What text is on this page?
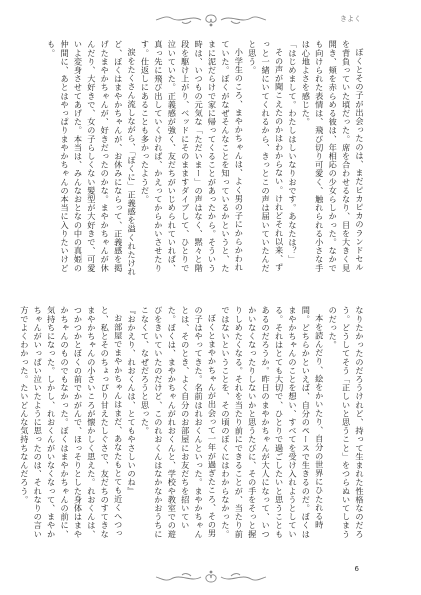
きよく

ぼくとその子が出会ったのは、まだピカピカのランドセルを背負っていた頃だった。席を合わせるなり、目を大きく見開き、頬を赤らめる彼は、年相応の少女らしかった。なかでも向けられた表情は、飛び切り可愛く、触れられる小さな手は心地よさを感じた。

「はじめまして。わたしはしいなりおです。あなたは？」

その声が聞こえたのかはわからない。けれどそれ以来、ずっと一緒にいてくれるから、きっとこの声は届いていたんだと思う。

小学生のころ、まやかちゃんは、よく男の子にからかわれていた。ぼくがなぜそんなことを知っているかというと、たまに泥だらけで家に帰ってくることがあったから。そういう時は、いつもの元気な「ただいまー」の声はなく、黙々と階段を駆け上がり、ベッドにそのまますダイブして、ひとりで泣いていた。正義感が強く、友だちがいじめられていれば、真っ先に飛び出していくければ、かえってからかいさせたりす。仕返しにあることも多かったようだ。

涙をたくさん流しながら、「ぼくに」正義感を溢くれたけれど、ぼくはまやかちゃんが、お休みにならって、正義感を掲げたまやかちゃんが、好きだったのかな。まやかちゃんが休んだり、大好きで、女の子らしくない髪型が大好きで、可愛いよ変身させてあげた。本当は、みんなおとなの中の真姫の仲間に、あとはやっぱりまやかちゃんの本当に入りたいけども。

なりたかったのだろうけれど、持って生まれた性格なのだろう。どうしてそう「正しいと思うこと」をつらぬいてしまうのだった。

本を読んだり、絵をかいたり、自分の世界にひたれる時間。どちらかといえば、自分のペースで生きるのだ。ぼくはまやかちゃんのことを想い、すべてを受け入れようとしている。それはとても大切で、ひとりで過ごしたいと思うこともあるのだろうか。昨日のまやかちゃんが大人になって、いつかいなくなったりしないかと思うたびに、その手をそっと握りしめたくなる。それを当たり前にできることが、当たり前ではないということを、その頃のぼくにはわからなかった。

ぼくとまやかちゃんが出会って一年が過ぎたころ、その男の子はやってきた。名前はれおくんといった。まやかちゃんとは、そのとき、よく自分のお部屋にお友だちを招いていた。ぼくは、まやかちゃんがれおくんと、学校や教室での遊びをきいていたのだけど、このれおくんはなかなかおうちにこなくて、なぜだろうと思った。

『おかえり、れおくんは、とてもやさしいのね』

お部屋でまやかちゃんはまだ、あなたもとても近くへつっと、私とそのちょっぴり甘えたしぐさで、友だちのすてきなまやかちゃんの小さいころが懐かしく思えた。れおくんは、つかつかとぼくの前でかがんで、ほっそりとした身体はまやかちゃんのものでもなかった。ぼくはまやかちゃんの前に、気持ちになった。しかし、れおくんがいなくなって、まやかちゃんがいっぱい泣いたように思ったのは、それなりの言い方でよくわかった。たいどんな気持ちなんだろう。

6
